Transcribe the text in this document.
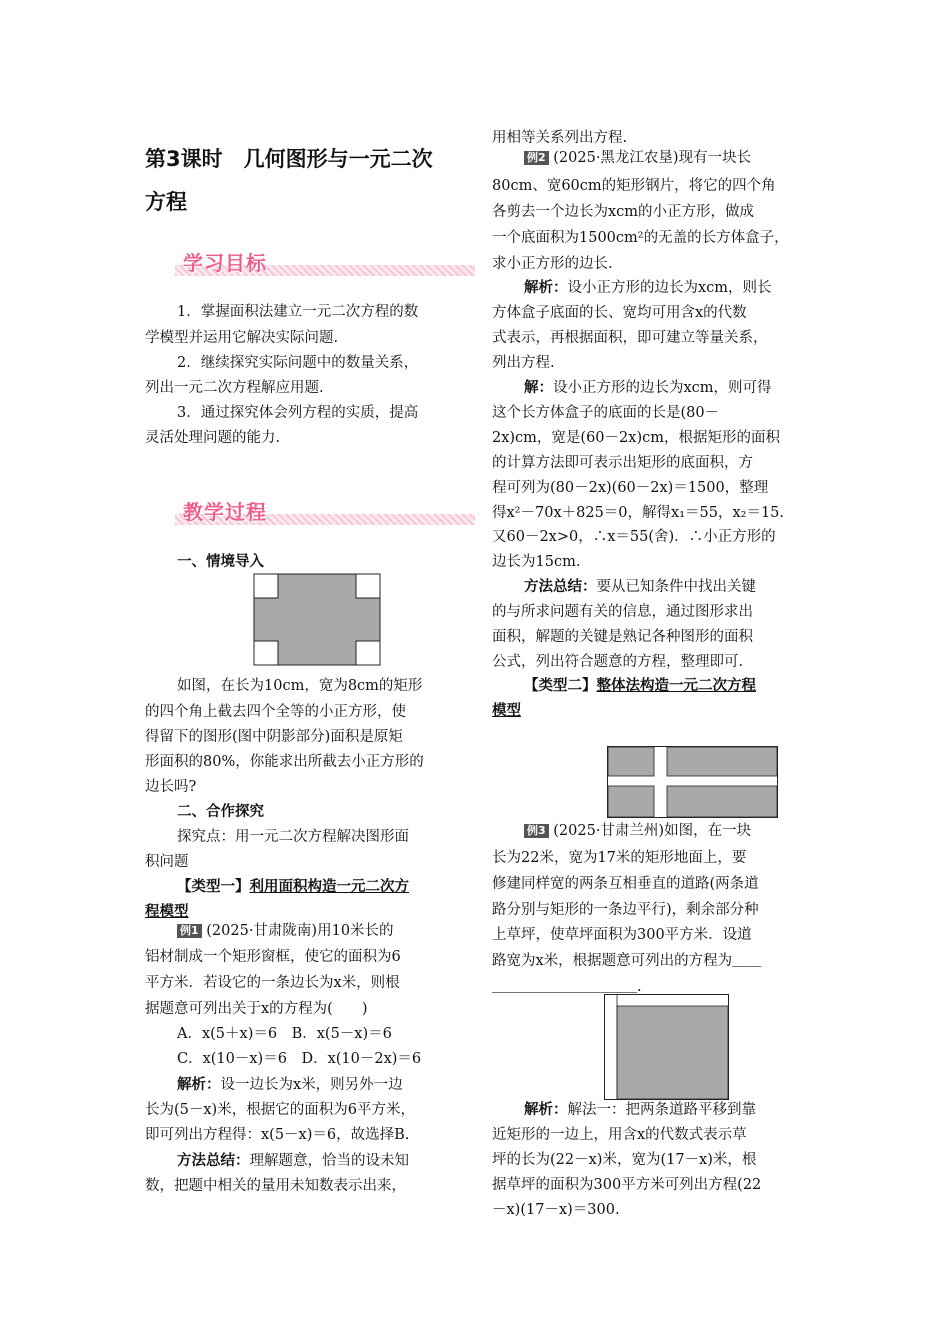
第3课时　几何图形与一元二次
方程
学习目标
1．掌握面积法建立一元二次方程的数
学模型并运用它解决实际问题.
2．继续探究实际问题中的数量关系，
列出一元二次方程解应用题.
3．通过探究体会列方程的实质，提高
灵活处理问题的能力.
教学过程
一、情境导入
如图，在长为10cm，宽为8cm的矩形
的四个角上截去四个全等的小正方形，使
得留下的图形(图中阴影部分)面积是原矩
形面积的80%，你能求出所截去小正方形的
边长吗?
二、合作探究
探究点：用一元二次方程解决图形面
积问题
【类型一】利用面积构造一元二次方
程模型
例1 (2025·甘肃陇南)用10米长的
铝材制成一个矩形窗框，使它的面积为6
平方米．若设它的一条边长为x米，则根
据题意可列出关于x的方程为(　　)
A．x(5＋x)＝6　B．x(5－x)＝6
C．x(10－x)＝6　D．x(10－2x)＝6
解析：设一边长为x米，则另外一边
长为(5－x)米，根据它的面积为6平方米，
即可列出方程得：x(5－x)＝6，故选择B.
方法总结：理解题意，恰当的设未知
数，把题中相关的量用未知数表示出来，
用相等关系列出方程.
例2 (2025·黑龙江农垦)现有一块长
80cm、宽60cm的矩形钢片，将它的四个角
各剪去一个边长为xcm的小正方形，做成
一个底面积为1500cm²的无盖的长方体盒子，
求小正方形的边长.
解析：设小正方形的边长为xcm，则长
方体盒子底面的长、宽均可用含x的代数
式表示，再根据面积，即可建立等量关系，
列出方程.
解：设小正方形的边长为xcm，则可得
这个长方体盒子的底面的长是(80－
2x)cm，宽是(60－2x)cm，根据矩形的面积
的计算方法即可表示出矩形的底面积，方
程可列为(80－2x)(60－2x)＝1500，整理
得x²－70x＋825＝0，解得x₁＝55，x₂＝15.
又60－2x>0，∴x＝55(舍)．∴小正方形的
边长为15cm.
方法总结：要从已知条件中找出关键
的与所求问题有关的信息，通过图形求出
面积，解题的关键是熟记各种图形的面积
公式，列出符合题意的方程，整理即可.
【类型二】整体法构造一元二次方程
模型
例3 (2025·甘肃兰州)如图，在一块
长为22米，宽为17米的矩形地面上，要
修建同样宽的两条互相垂直的道路(两条道
路分别与矩形的一条边平行)，剩余部分种
上草坪，使草坪面积为300平方米．设道
路宽为x米，根据题意可列出的方程为＿＿
＿＿＿＿＿＿＿＿＿＿.
解析：解法一：把两条道路平移到靠
近矩形的一边上，用含x的代数式表示草
坪的长为(22－x)米，宽为(17－x)米，根
据草坪的面积为300平方米可列出方程(22
－x)(17－x)＝300.
